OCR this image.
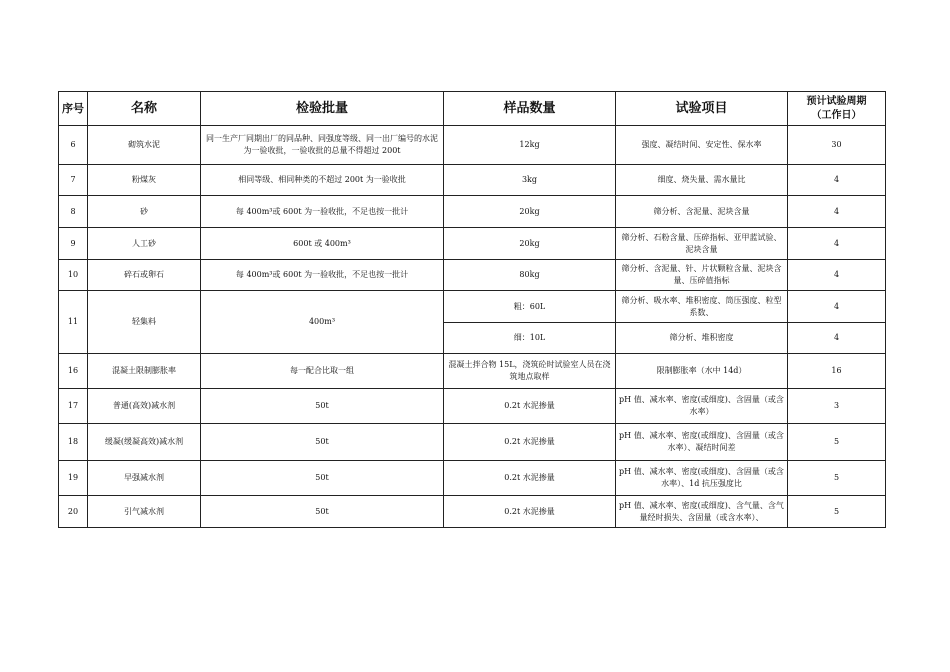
序号	名称	检验批量	样品数量	试验项目	预计试验周期
（工作日）

6	砌筑水泥	同一生产厂同期出厂的同品种、同强度等级、同一出厂编号的水泥为一验收批，一验收批的总量不得超过 200t	12kg	强度、凝结时间、安定性、保水率	30
7	粉煤灰	相同等级、相同种类的不超过 200t 为一验收批	3kg	细度、烧失量、需水量比	4
8	砂	每 400m³或 600t 为一验收批，不足也按一批计	20kg	筛分析、含泥量、泥块含量	4
9	人工砂	600t 或 400m³	20kg	筛分析、石粉含量、压碎指标、亚甲蓝试验、泥块含量	4
10	碎石或卵石	每 400m³或 600t 为一验收批，不足也按一批计	80kg	筛分析、含泥量、针、片状颗粒含量、泥块含量、压碎值指标	4
11	轻集料	400m³	粗：60L	筛分析、吸水率、堆积密度、筒压强度、粒型系数、	4
			细：10L	筛分析、堆积密度	4
16	混凝土限制膨胀率	每一配合比取一组	混凝土拌合物 15L，浇筑砼时试验室人员在浇筑地点取样	限制膨胀率（水中 14d）	16
17	普通(高效)减水剂	50t	0.2t 水泥掺量	pH 值、减水率、密度(或细度)、含固量（或含水率）	3
18	缓凝(缓凝高效)减水剂	50t	0.2t 水泥掺量	pH 值、减水率、密度(或细度)、含固量（或含水率）、凝结时间差	5
19	早强减水剂	50t	0.2t 水泥掺量	pH 值、减水率、密度(或细度)、含固量（或含水率）、1d 抗压强度比	5
20	引气减水剂	50t	0.2t 水泥掺量	pH 值、减水率、密度(或细度)、含气量、含气量经时损失、含固量（或含水率）、	5
